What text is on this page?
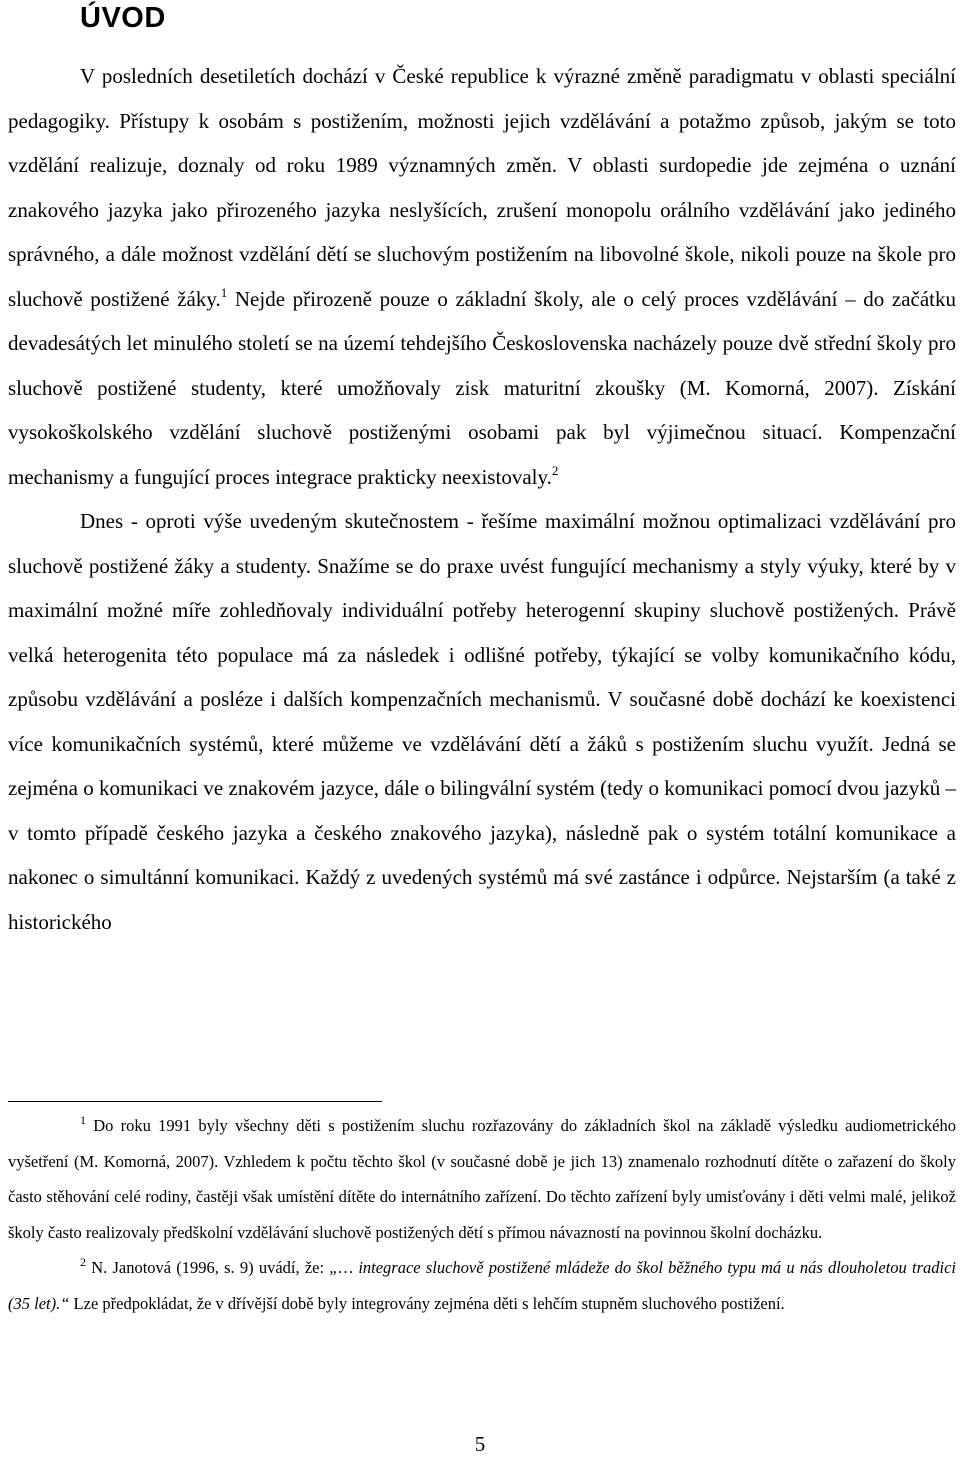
ÚVOD

V posledních desetiletích dochází v České republice k výrazné změně paradigmatu v oblasti speciální pedagogiky. Přístupy k osobám s postižením, možnosti jejich vzdělávání a potažmo způsob, jakým se toto vzdělání realizuje, doznaly od roku 1989 významných změn. V oblasti surdopedie jde zejména o uznání znakového jazyka jako přirozeného jazyka neslyšících, zrušení monopolu orálního vzdělávání jako jediného správného, a dále možnost vzdělání dětí se sluchovým postižením na libovolné škole, nikoli pouze na škole pro sluchově postižené žáky.$^1$ Nejde přirozeně pouze o základní školy, ale o celý proces vzdělávání – do začátku devadesátých let minulého století se na území tehdejšího Československa nacházely pouze dvě střední školy pro sluchově postižené studenty, které umožňovaly zisk maturitní zkoušky (M. Komorná, 2007). Získání vysokoškolského vzdělání sluchově postiženými osobami pak byl výjimečnou situací. Kompenzační mechanismy a fungující proces integrace prakticky neexistovaly.$^2$

Dnes - oproti výše uvedeným skutečnostem - řešíme maximální možnou optimalizaci vzdělávání pro sluchově postižené žáky a studenty. Snažíme se do praxe uvést fungující mechanismy a styly výuky, které by v maximální možné míře zohledňovaly individuální potřeby heterogenní skupiny sluchově postižených. Právě velká heterogenita této populace má za následek i odlišné potřeby, týkající se volby komunikačního kódu, způsobu vzdělávání a posléze i dalších kompenzačních mechanismů. V současné době dochází ke koexistenci více komunikačních systémů, které můžeme ve vzdělávání dětí a žáků s postižením sluchu využít. Jedná se zejména o komunikaci ve znakovém jazyce, dále o bilingvální systém (tedy o komunikaci pomocí dvou jazyků – v tomto případě českého jazyka a českého znakového jazyka), následně pak o systém totální komunikace a nakonec o simultánní komunikaci. Každý z uvedených systémů má své zastánce i odpůrce. Nejstarším (a také z historického

$^1$ Do roku 1991 byly všechny děti s postižením sluchu rozřazovány do základních škol na základě výsledku audiometrického vyšetření (M. Komorná, 2007). Vzhledem k počtu těchto škol (v současné době je jich 13) znamenalo rozhodnutí dítěte o zařazení do školy často stěhování celé rodiny, častěji však umístění dítěte do internátního zařízení. Do těchto zařízení byly umisťovány i děti velmi malé, jelikož školy často realizovaly předškolní vzdělávání sluchově postižených dětí s přímou návazností na povinnou školní docházku.

$^2$ N. Janotová (1996, s. 9) uvádí, že: „… integrace sluchově postižené mládeže do škol běžného typu má u nás dlouholetou tradici (35 let).“ Lze předpokládat, že v dřívější době byly integrovány zejména děti s lehčím stupněm sluchového postižení.

5
